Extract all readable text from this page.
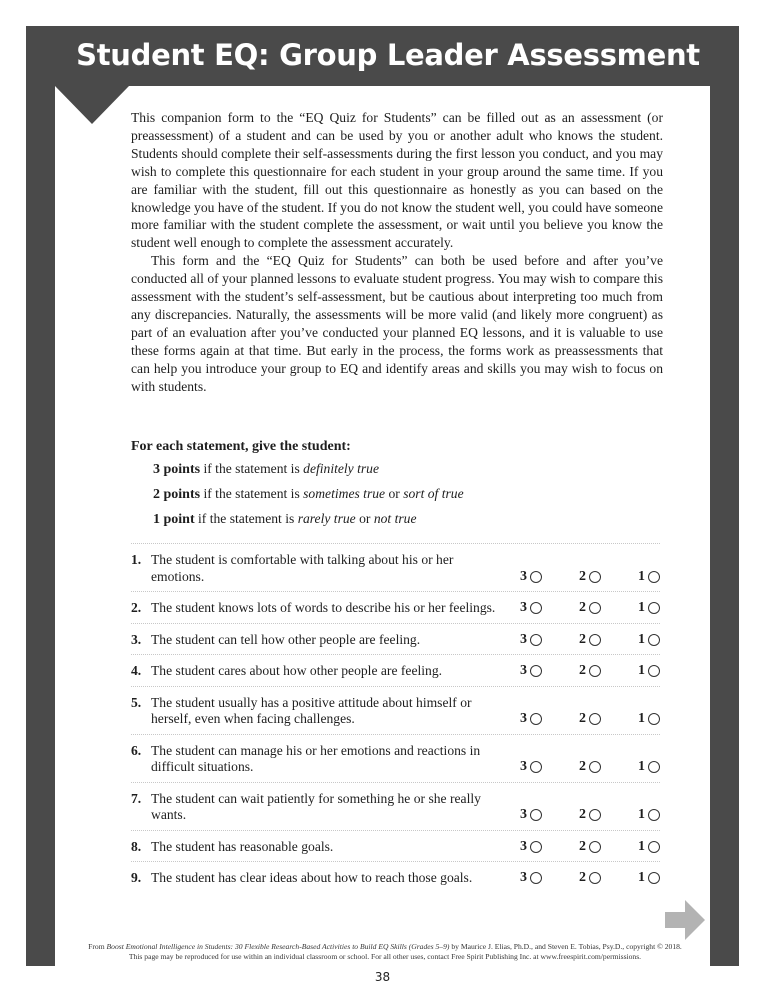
Student EQ: Group Leader Assessment

This companion form to the “EQ Quiz for Students” can be filled out as an assessment (or preassessment) of a student and can be used by you or another adult who knows the student. Students should complete their self-assessments during the first lesson you conduct, and you may wish to complete this questionnaire for each student in your group around the same time. If you are familiar with the student, fill out this questionnaire as honestly as you can based on the knowledge you have of the student. If you do not know the student well, you could have someone more familiar with the student complete the assessment, or wait until you believe you know the student well enough to complete the assessment accurately.

This form and the “EQ Quiz for Students” can both be used before and after you’ve conducted all of your planned lessons to evaluate student progress. You may wish to compare this assessment with the student’s self-assessment, but be cautious about interpreting too much from any discrepancies. Naturally, the assessments will be more valid (and likely more congruent) as part of an evaluation after you’ve conducted your planned EQ lessons, and it is valuable to use these forms again at that time. But early in the process, the forms work as preassessments that can help you introduce your group to EQ and identify areas and skills you may wish to focus on with students.

For each statement, give the student:
3 points if the statement is definitely true
2 points if the statement is sometimes true or sort of true
1 point if the statement is rarely true or not true
1. The student is comfortable with talking about his or her emotions.	3	2	1
2. The student knows lots of words to describe his or her feelings.	3	2	1
3. The student can tell how other people are feeling.	3	2	1
4. The student cares about how other people are feeling.	3	2	1
5. The student usually has a positive attitude about himself or herself, even when facing challenges.	3	2	1
6. The student can manage his or her emotions and reactions in difficult situations.	3	2	1
7. The student can wait patiently for something he or she really wants.	3	2	1
8. The student has reasonable goals.	3	2	1
9. The student has clear ideas about how to reach those goals.	3	2	1
From Boost Emotional Intelligence in Students: 30 Flexible Research-Based Activities to Build EQ Skills (Grades 5–9) by Maurice J. Elias, Ph.D., and Steven E. Tobias, Psy.D., copyright © 2018.
This page may be reproduced for use within an individual classroom or school. For all other uses, contact Free Spirit Publishing Inc. at www.freespirit.com/permissions.
38
